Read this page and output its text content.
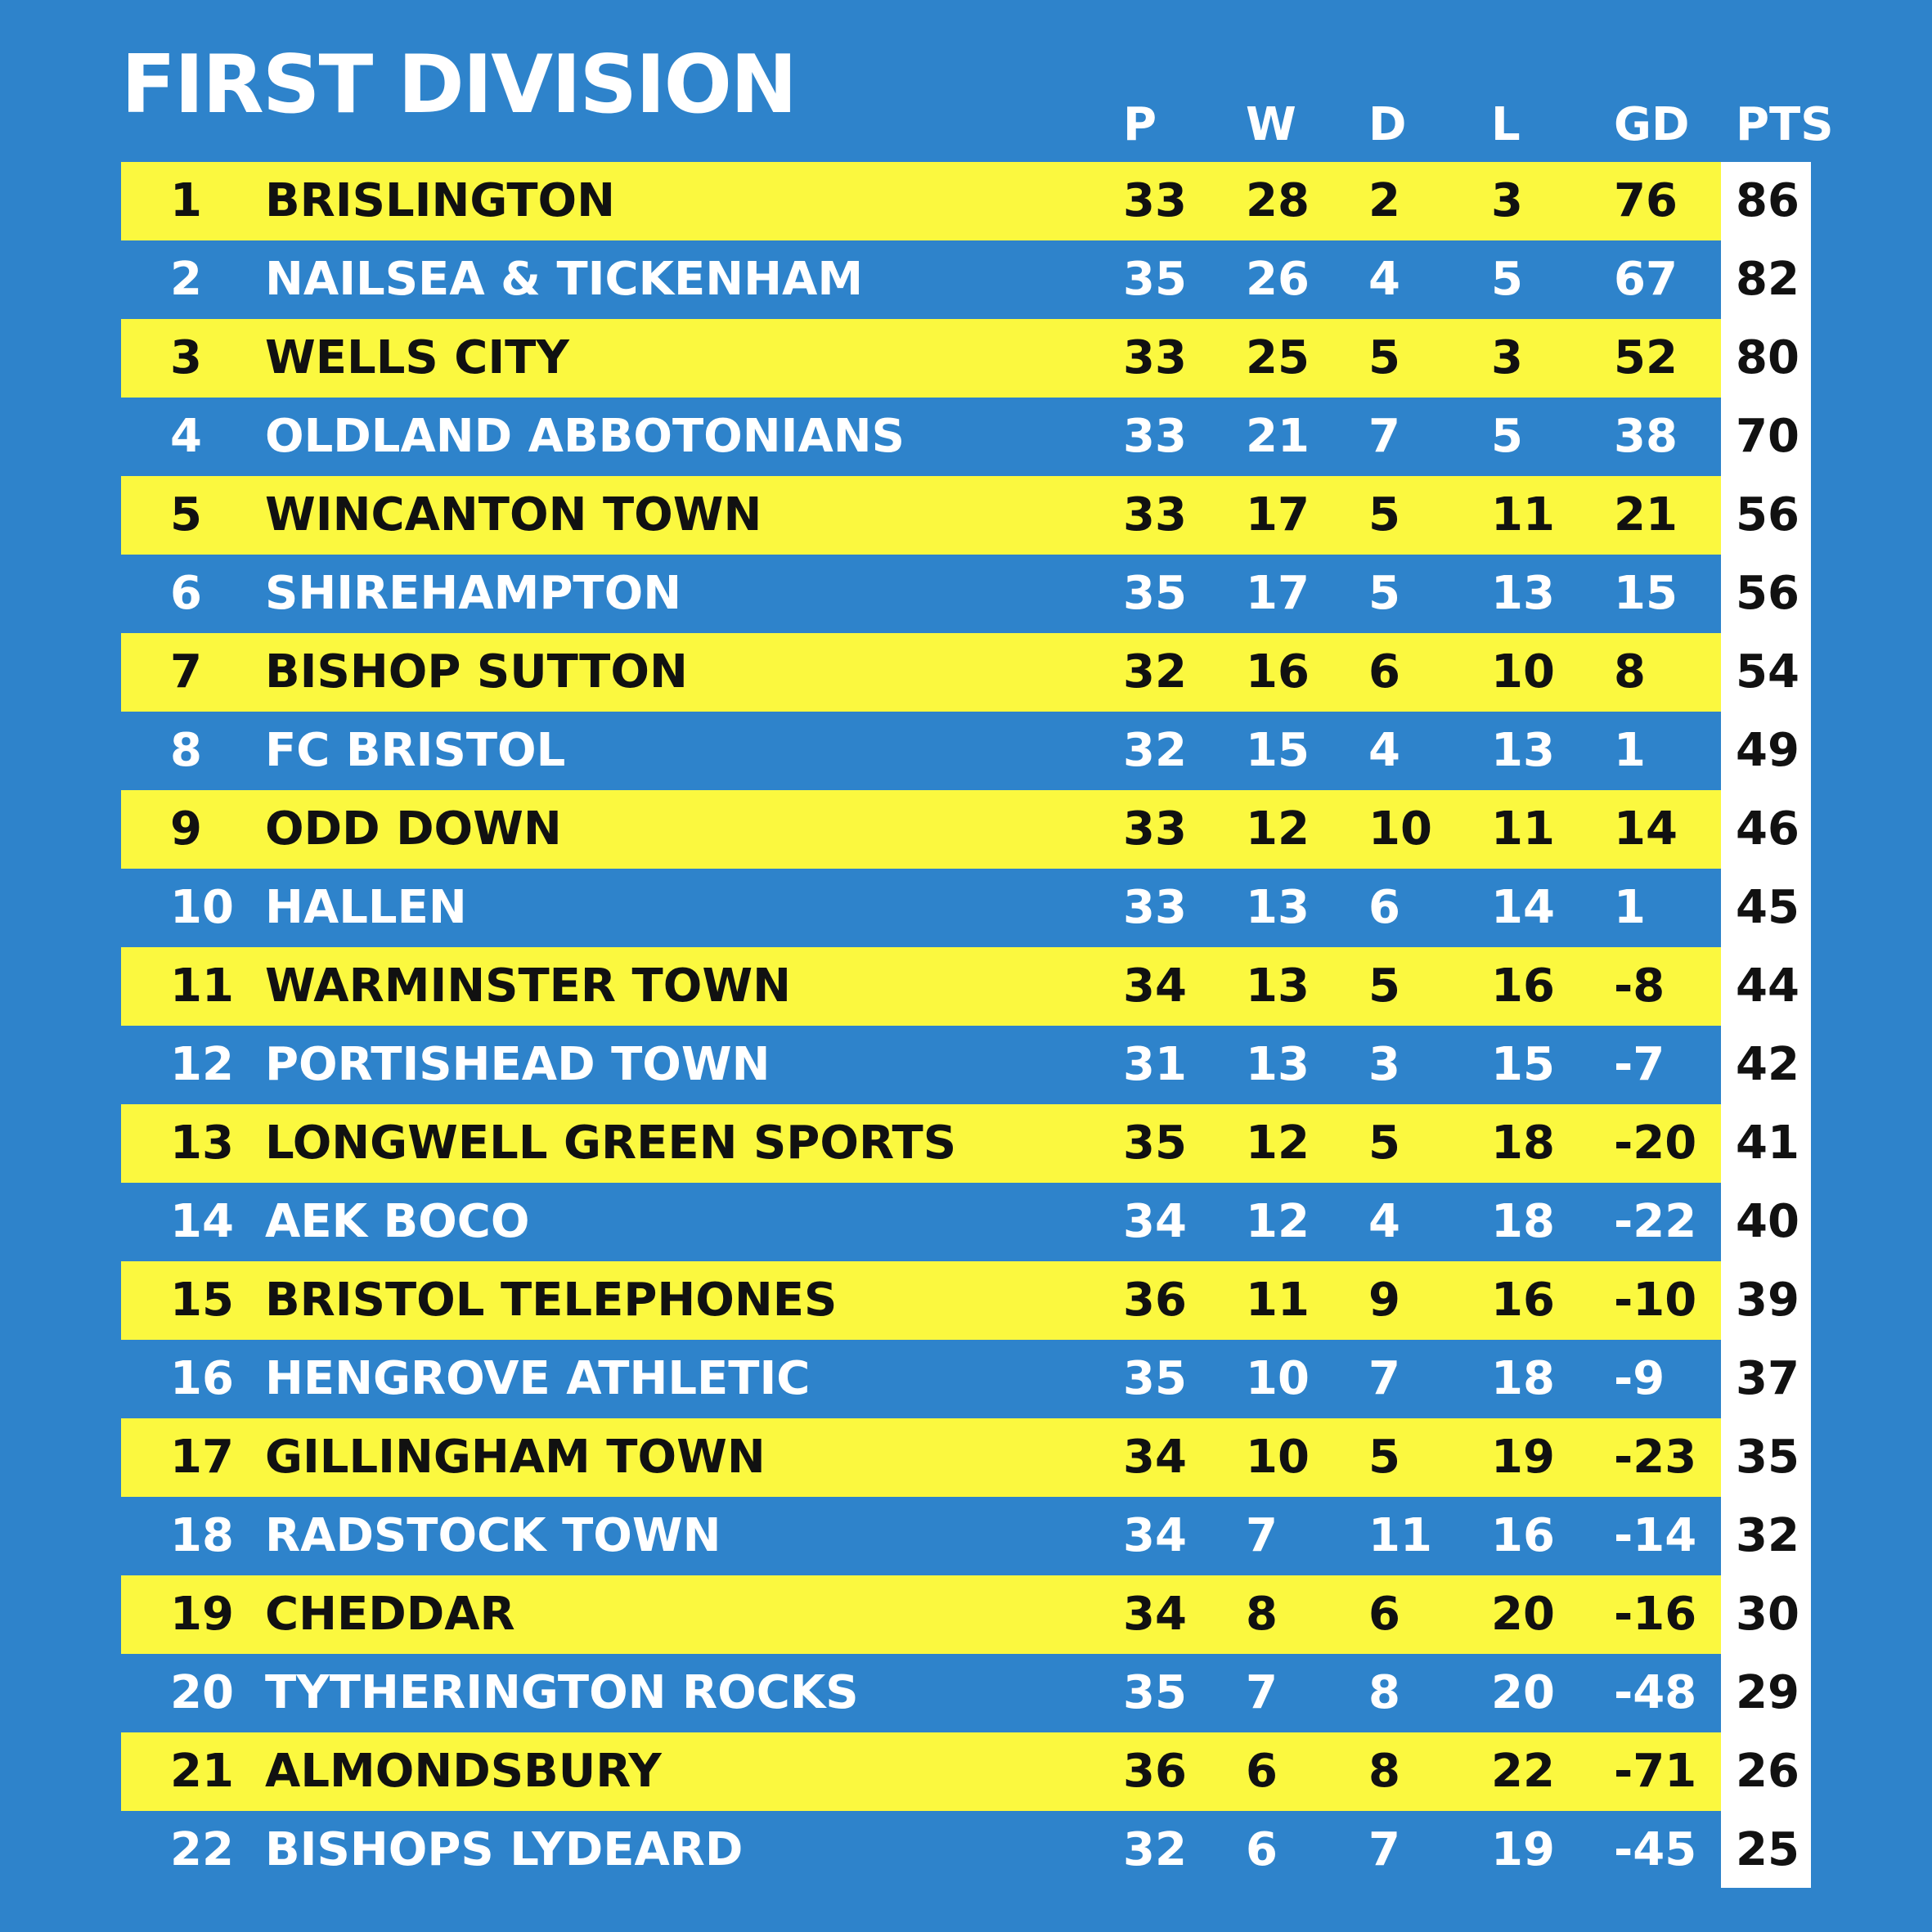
FIRST DIVISION	P W D L GD PTS
1 BRISLINGTON	33 28 2 3 76 86
2 NAILSEA & TICKENHAM	35 26 4 5 67 82
3 WELLS CITY	33 25 5 3 52 80
4 OLDLAND ABBOTONIANS	33 21 7 5 38 70
5 WINCANTON TOWN	33 17 5 11 21 56
6 SHIREHAMPTON	35 17 5 13 15 56
7 BISHOP SUTTON	32 16 6 10 8 54
8 FC BRISTOL	32 15 4 13 1 49
9 ODD DOWN	33 12 10 11 14 46
10 HALLEN	33 13 6 14 1 45
11 WARMINSTER TOWN	34 13 5 16 -8 44
12 PORTISHEAD TOWN	31 13 3 15 -7 42
13 LONGWELL GREEN SPORTS	35 12 5 18 -20 41
14 AEK BOCO	34 12 4 18 -22 40
15 BRISTOL TELEPHONES	36 11 9 16 -10 39
16 HENGROVE ATHLETIC	35 10 7 18 -9 37
17 GILLINGHAM TOWN	34 10 5 19 -23 35
18 RADSTOCK TOWN	34 7 11 16 -14 32
19 CHEDDAR	34 8 6 20 -16 30
20 TYTHERINGTON ROCKS	35 7 8 20 -48 29
21 ALMONDSBURY	36 6 8 22 -71 26
22 BISHOPS LYDEARD	32 6 7 19 -45 25
